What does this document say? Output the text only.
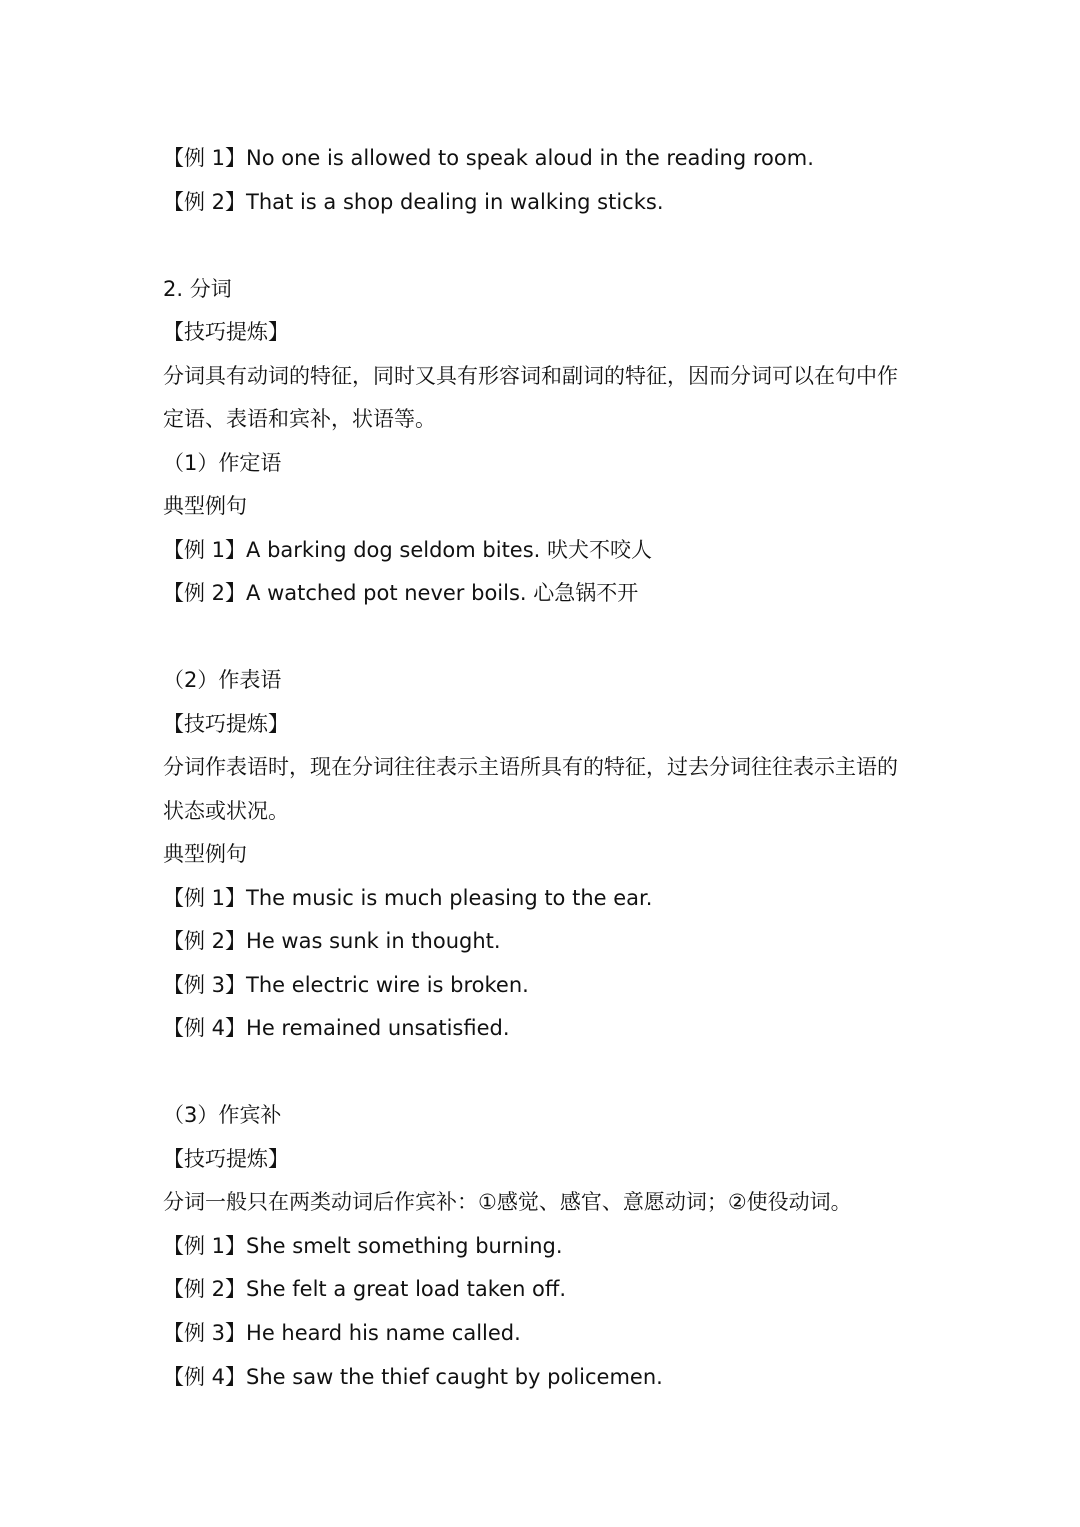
【例 1】No one is allowed to speak aloud in the reading room.
【例 2】That is a shop dealing in walking sticks.
2. 分词
【技巧提炼】
分词具有动词的特征，同时又具有形容词和副词的特征，因而分词可以在句中作
定语、表语和宾补，状语等。
（1）作定语
典型例句
【例 1】A barking dog seldom bites. 吠犬不咬人
【例 2】A watched pot never boils. 心急锅不开
（2）作表语
【技巧提炼】
分词作表语时，现在分词往往表示主语所具有的特征，过去分词往往表示主语的
状态或状况。
典型例句
【例 1】The music is much pleasing to the ear.
【例 2】He was sunk in thought.
【例 3】The electric wire is broken.
【例 4】He remained unsatisfied.
（3）作宾补
【技巧提炼】
分词一般只在两类动词后作宾补：①感觉、感官、意愿动词；②使役动词。
【例 1】She smelt something burning.
【例 2】She felt a great load taken off.
【例 3】He heard his name called.
【例 4】She saw the thief caught by policemen.
